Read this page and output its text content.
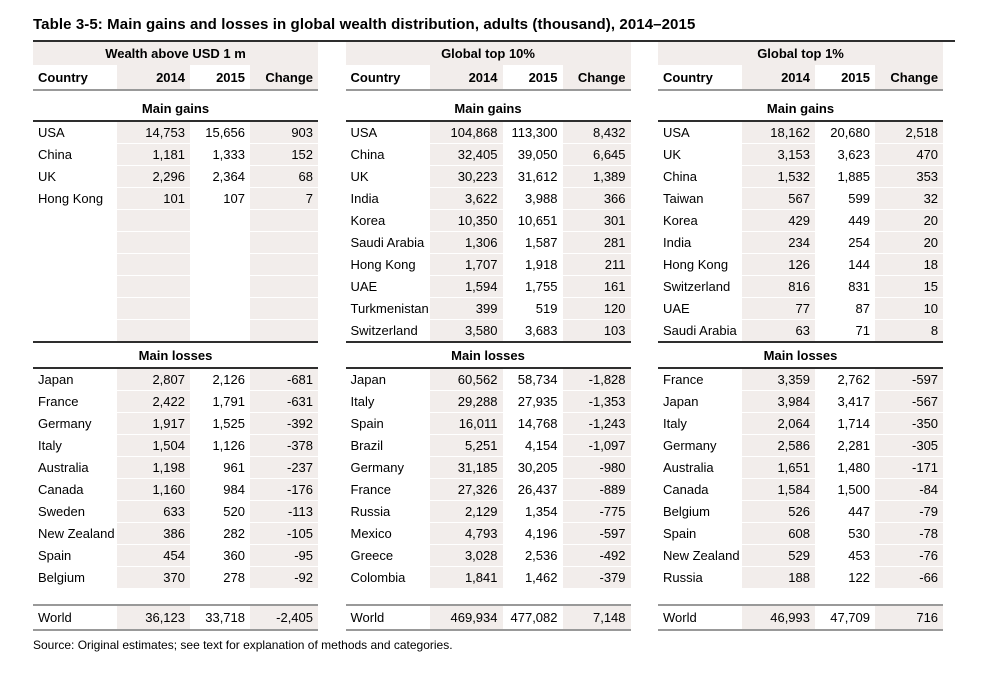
Table 3-5: Main gains and losses in global wealth distribution, adults (thousand), 2014–2015

Wealth above USD 1 m			
Country	2014	2015	Change
Main gains			
USA	14,753	15,656	903
China	1,181	1,333	152
UK	2,296	2,364	68
Hong Kong	101	107	7

Main losses			
Japan	2,807	2,126	-681
France	2,422	1,791	-631
Germany	1,917	1,525	-392
Italy	1,504	1,126	-378
Australia	1,198	961	-237
Canada	1,160	984	-176
Sweden	633	520	-113
New Zealand	386	282	-105
Spain	454	360	-95
Belgium	370	278	-92

World	36,123	33,718	-2,405
Global top 10%			
Country	2014	2015	Change
Main gains			
USA	104,868	113,300	8,432
China	32,405	39,050	6,645
UK	30,223	31,612	1,389
India	3,622	3,988	366
Korea	10,350	10,651	301
Saudi Arabia	1,306	1,587	281
Hong Kong	1,707	1,918	211
UAE	1,594	1,755	161
Turkmenistan	399	519	120
Switzerland	3,580	3,683	103
Main losses			
Japan	60,562	58,734	-1,828
Italy	29,288	27,935	-1,353
Spain	16,011	14,768	-1,243
Brazil	5,251	4,154	-1,097
Germany	31,185	30,205	-980
France	27,326	26,437	-889
Russia	2,129	1,354	-775
Mexico	4,793	4,196	-597
Greece	3,028	2,536	-492
Colombia	1,841	1,462	-379

World	469,934	477,082	7,148
Global top 1%			
Country	2014	2015	Change
Main gains			
USA	18,162	20,680	2,518
UK	3,153	3,623	470
China	1,532	1,885	353
Taiwan	567	599	32
Korea	429	449	20
India	234	254	20
Hong Kong	126	144	18
Switzerland	816	831	15
UAE	77	87	10
Saudi Arabia	63	71	8
Main losses			
France	3,359	2,762	-597
Japan	3,984	3,417	-567
Italy	2,064	1,714	-350
Germany	2,586	2,281	-305
Australia	1,651	1,480	-171
Canada	1,584	1,500	-84
Belgium	526	447	-79
Spain	608	530	-78
New Zealand	529	453	-76
Russia	188	122	-66

World	46,993	47,709	716

Source: Original estimates; see text for explanation of methods and categories.
